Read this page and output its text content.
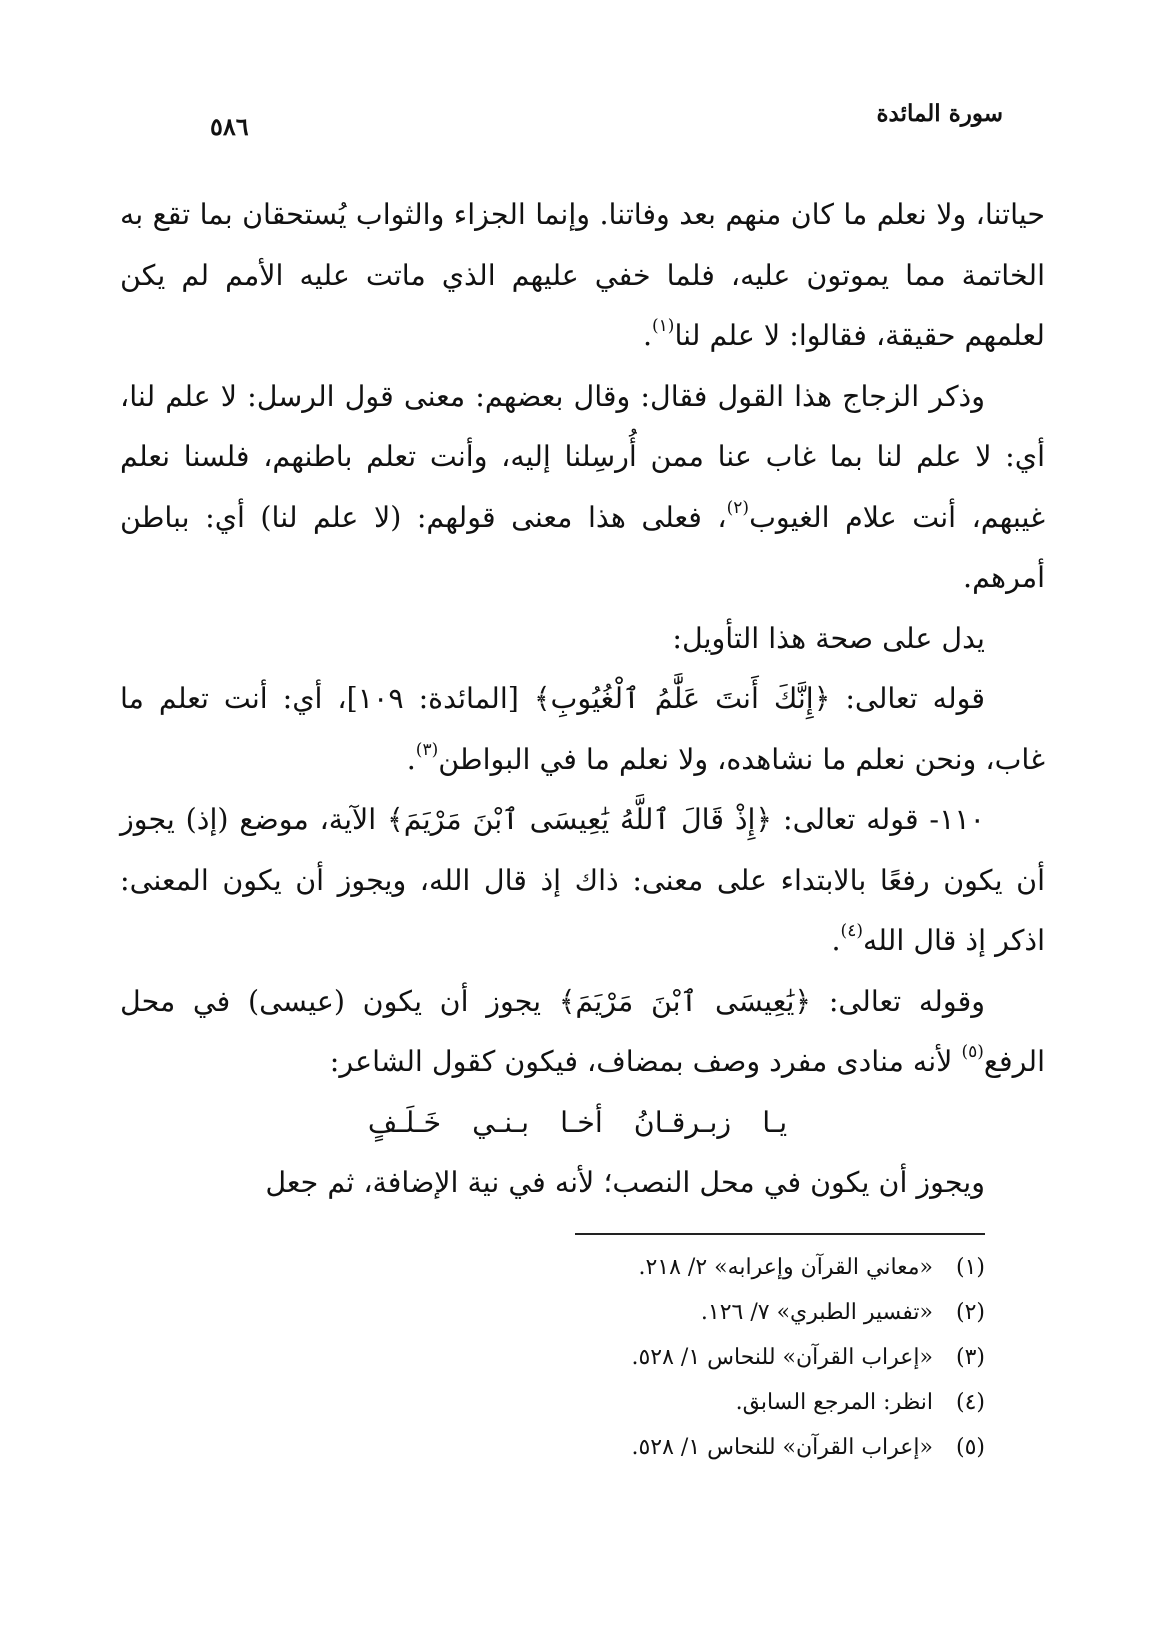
سورة المائدة
٥٨٦

حياتنا، ولا نعلم ما كان منهم بعد وفاتنا. وإنما الجزاء والثواب يُستحقان بما تقع به الخاتمة مما يموتون عليه، فلما خفي عليهم الذي ماتت عليه الأمم لم يكن لعلمهم حقيقة، فقالوا: لا علم لنا$^{(١)}$.

وذكر الزجاج هذا القول فقال: وقال بعضهم: معنى قول الرسل: لا علم لنا، أي: لا علم لنا بما غاب عنا ممن أُرسِلنا إليه، وأنت تعلم باطنهم، فلسنا نعلم غيبهم، أنت علام الغيوب$^{(٢)}$، فعلى هذا معنى قولهم: (لا علم لنا) أي: بباطن أمرهم.

يدل على صحة هذا التأويل:

قوله تعالى: ﴿إِنَّكَ أَنتَ عَلَّٰمُ ٱلْغُيُوبِ﴾ [المائدة: ١٠٩]، أي: أنت تعلم ما غاب، ونحن نعلم ما نشاهده، ولا نعلم ما في البواطن$^{(٣)}$.

١١٠- قوله تعالى: ﴿إِذْ قَالَ ٱللَّهُ يَٰعِيسَى ٱبْنَ مَرْيَمَ﴾ الآية، موضع (إذ) يجوز أن يكون رفعًا بالابتداء على معنى: ذاك إذ قال الله، ويجوز أن يكون المعنى: اذكر إذ قال الله$^{(٤)}$.

وقوله تعالى: ﴿يَٰعِيسَى ٱبْنَ مَرْيَمَ﴾ يجوز أن يكون (عيسى) في محل الرفع$^{(٥)}$ لأنه منادى مفرد وصف بمضاف، فيكون كقول الشاعر:

يـا زبـرقـانُ أخـا بـنـي خَـلَـفٍ

ويجوز أن يكون في محل النصب؛ لأنه في نية الإضافة، ثم جعل

(١)«معاني القرآن وإعرابه» ٢/ ٢١٨.
(٢)«تفسير الطبري» ٧/ ١٢٦.
(٣)«إعراب القرآن» للنحاس ١/ ٥٢٨.
(٤)انظر: المرجع السابق.
(٥)«إعراب القرآن» للنحاس ١/ ٥٢٨.
